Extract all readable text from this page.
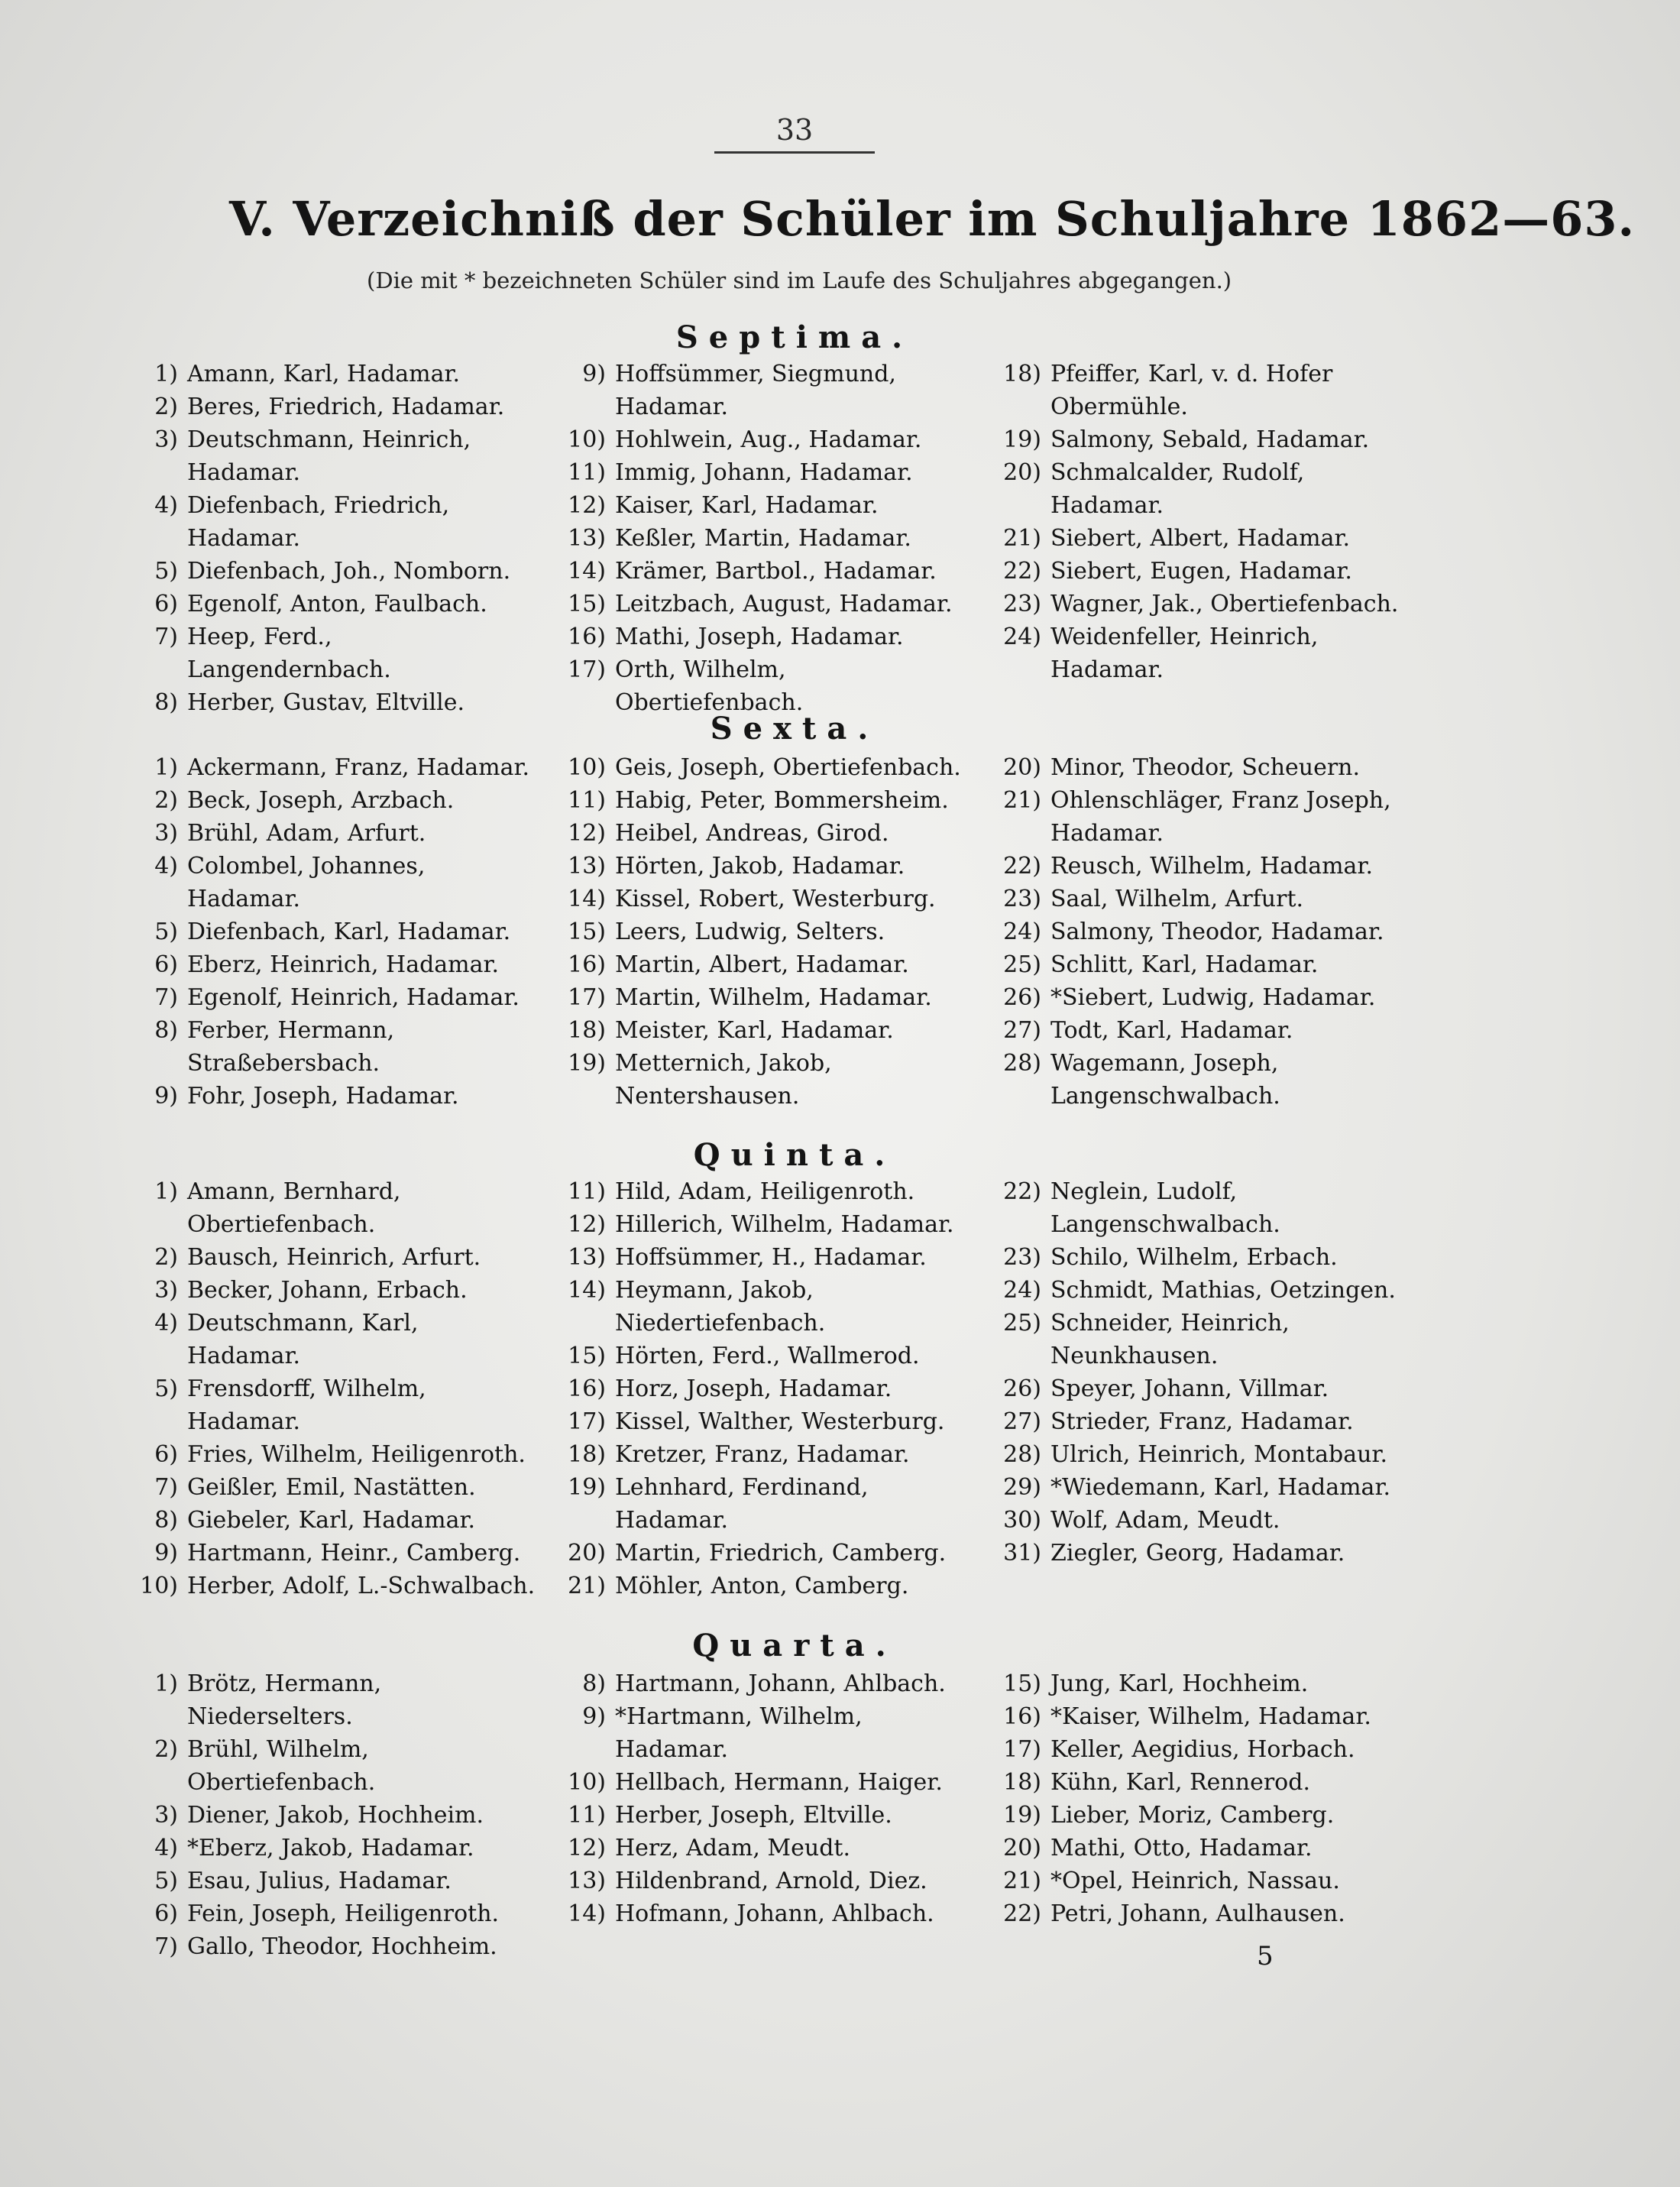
33
V. Verzeichniß der Schüler im Schuljahre 1862—63.
(Die mit * bezeichneten Schüler sind im Laufe des Schuljahres abgegangen.)
Septima.
1) Amann, Karl, Hadamar.
2) Beres, Friedrich, Hadamar.
3) Deutschmann, Heinrich, Hadamar.
4) Diefenbach, Friedrich, Hadamar.
5) Diefenbach, Joh., Nomborn.
6) Egenolf, Anton, Faulbach.
7) Heep, Ferd., Langendernbach.
8) Herber, Gustav, Eltville.
9) Hoffsümmer, Siegmund, Hadamar.
10) Hohlwein, Aug., Hadamar.
11) Immig, Johann, Hadamar.
12) Kaiser, Karl, Hadamar.
13) Keßler, Martin, Hadamar.
14) Krämer, Bartbol., Hadamar.
15) Leitzbach, August, Hadamar.
16) Mathi, Joseph, Hadamar.
17) Orth, Wilhelm, Obertiefenbach.
18) Pfeiffer, Karl, v. d. Hofer Obermühle.
19) Salmony, Sebald, Hadamar.
20) Schmalcalder, Rudolf, Hadamar.
21) Siebert, Albert, Hadamar.
22) Siebert, Eugen, Hadamar.
23) Wagner, Jak., Obertiefenbach.
24) Weidenfeller, Heinrich, Hadamar.
Sexta.
1) Ackermann, Franz, Hadamar.
2) Beck, Joseph, Arzbach.
3) Brühl, Adam, Arfurt.
4) Colombel, Johannes, Hadamar.
5) Diefenbach, Karl, Hadamar.
6) Eberz, Heinrich, Hadamar.
7) Egenolf, Heinrich, Hadamar.
8) Ferber, Hermann, Straßebersbach.
9) Fohr, Joseph, Hadamar.
10) Geis, Joseph, Obertiefenbach.
11) Habig, Peter, Bommersheim.
12) Heibel, Andreas, Girod.
13) Hörten, Jakob, Hadamar.
14) Kissel, Robert, Westerburg.
15) Leers, Ludwig, Selters.
16) Martin, Albert, Hadamar.
17) Martin, Wilhelm, Hadamar.
18) Meister, Karl, Hadamar.
19) Metternich, Jakob, Nentershausen.
20) Minor, Theodor, Scheuern.
21) Ohlenschläger, Franz Joseph, Hadamar.
22) Reusch, Wilhelm, Hadamar.
23) Saal, Wilhelm, Arfurt.
24) Salmony, Theodor, Hadamar.
25) Schlitt, Karl, Hadamar.
26) *Siebert, Ludwig, Hadamar.
27) Todt, Karl, Hadamar.
28) Wagemann, Joseph, Langenschwalbach.
Quinta.
1) Amann, Bernhard, Obertiefenbach.
2) Bausch, Heinrich, Arfurt.
3) Becker, Johann, Erbach.
4) Deutschmann, Karl, Hadamar.
5) Frensdorff, Wilhelm, Hadamar.
6) Fries, Wilhelm, Heiligenroth.
7) Geißler, Emil, Nastätten.
8) Giebeler, Karl, Hadamar.
9) Hartmann, Heinr., Camberg.
10) Herber, Adolf, L.-Schwalbach.
11) Hild, Adam, Heiligenroth.
12) Hillerich, Wilhelm, Hadamar.
13) Hoffsümmer, H., Hadamar.
14) Heymann, Jakob, Niedertiefenbach.
15) Hörten, Ferd., Wallmerod.
16) Horz, Joseph, Hadamar.
17) Kissel, Walther, Westerburg.
18) Kretzer, Franz, Hadamar.
19) Lehnhard, Ferdinand, Hadamar.
20) Martin, Friedrich, Camberg.
21) Möhler, Anton, Camberg.
22) Neglein, Ludolf, Langenschwalbach.
23) Schilo, Wilhelm, Erbach.
24) Schmidt, Mathias, Oetzingen.
25) Schneider, Heinrich, Neunkhausen.
26) Speyer, Johann, Villmar.
27) Strieder, Franz, Hadamar.
28) Ulrich, Heinrich, Montabaur.
29) *Wiedemann, Karl, Hadamar.
30) Wolf, Adam, Meudt.
31) Ziegler, Georg, Hadamar.
Quarta.
1) Brötz, Hermann, Niederselters.
2) Brühl, Wilhelm, Obertiefenbach.
3) Diener, Jakob, Hochheim.
4) *Eberz, Jakob, Hadamar.
5) Esau, Julius, Hadamar.
6) Fein, Joseph, Heiligenroth.
7) Gallo, Theodor, Hochheim.
8) Hartmann, Johann, Ahlbach.
9) *Hartmann, Wilhelm, Hadamar.
10) Hellbach, Hermann, Haiger.
11) Herber, Joseph, Eltville.
12) Herz, Adam, Meudt.
13) Hildenbrand, Arnold, Diez.
14) Hofmann, Johann, Ahlbach.
15) Jung, Karl, Hochheim.
16) *Kaiser, Wilhelm, Hadamar.
17) Keller, Aegidius, Horbach.
18) Kühn, Karl, Rennerod.
19) Lieber, Moriz, Camberg.
20) Mathi, Otto, Hadamar.
21) *Opel, Heinrich, Nassau.
22) Petri, Johann, Aulhausen.
5
